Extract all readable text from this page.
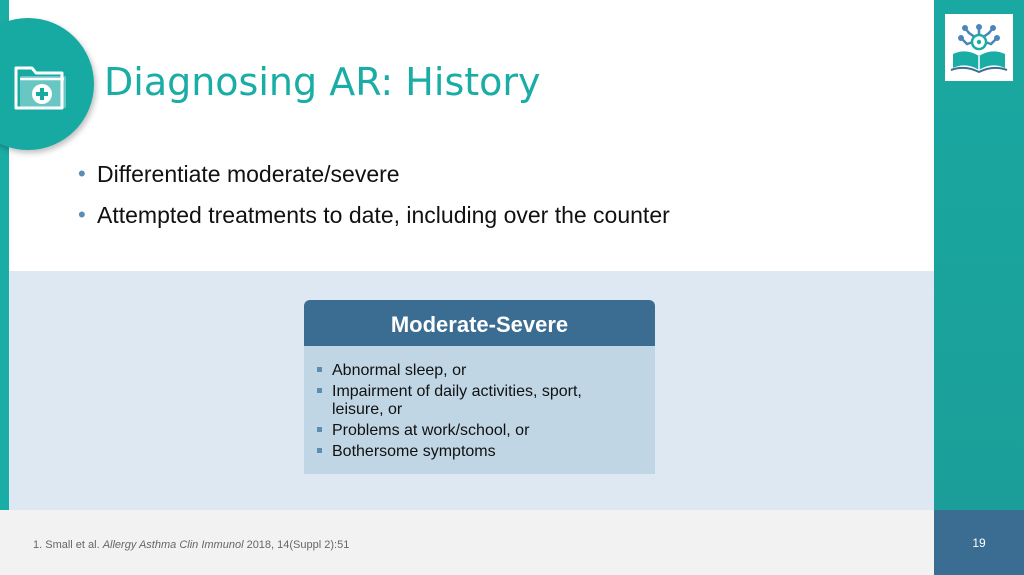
Diagnosing AR: History
• Differentiate moderate/severe
• Attempted treatments to date, including over the counter
Moderate-Severe
Abnormal sleep, or
Impairment of daily activities, sport, leisure, or
Problems at work/school, or
Bothersome symptoms
1. Small et al. Allergy Asthma Clin Immunol 2018, 14(Suppl 2):51	19
